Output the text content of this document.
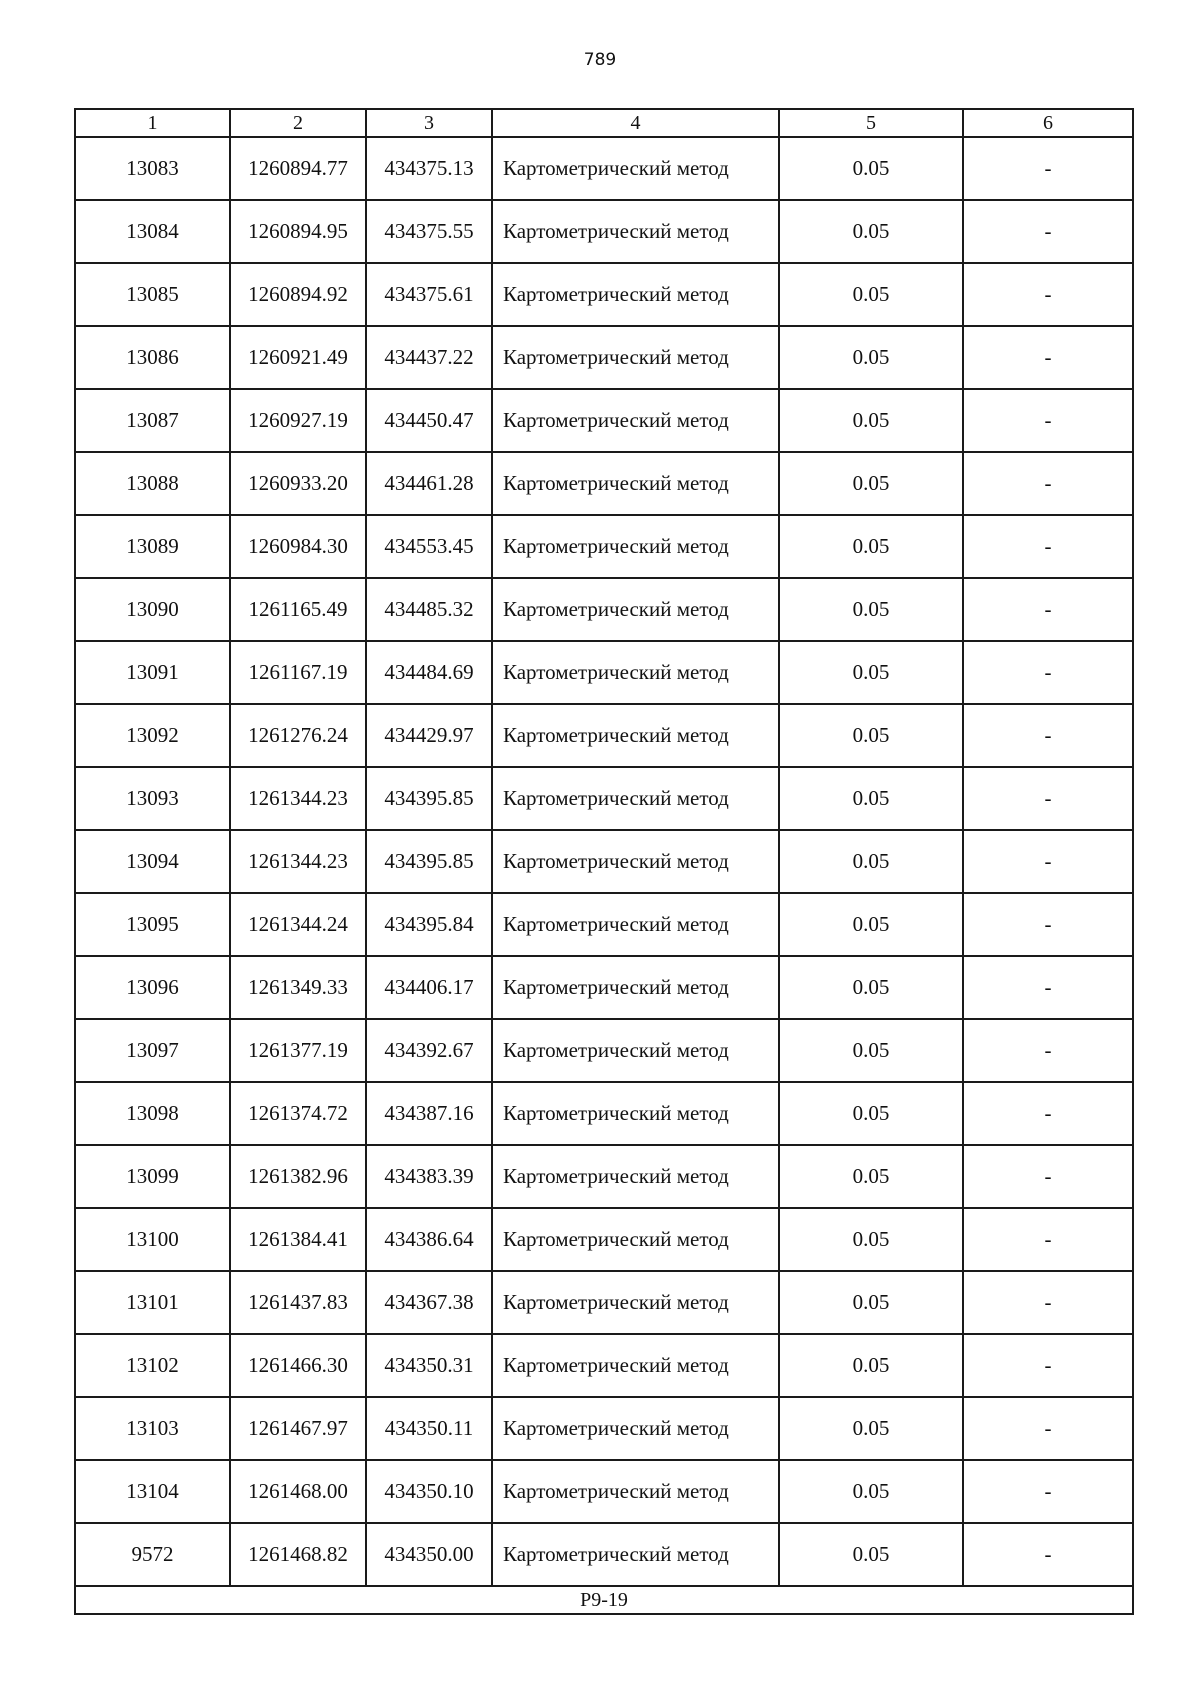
789
1	2	3	4	5	6
13083	1260894.77	434375.13	Картометрический метод	0.05	-
13084	1260894.95	434375.55	Картометрический метод	0.05	-
13085	1260894.92	434375.61	Картометрический метод	0.05	-
13086	1260921.49	434437.22	Картометрический метод	0.05	-
13087	1260927.19	434450.47	Картометрический метод	0.05	-
13088	1260933.20	434461.28	Картометрический метод	0.05	-
13089	1260984.30	434553.45	Картометрический метод	0.05	-
13090	1261165.49	434485.32	Картометрический метод	0.05	-
13091	1261167.19	434484.69	Картометрический метод	0.05	-
13092	1261276.24	434429.97	Картометрический метод	0.05	-
13093	1261344.23	434395.85	Картометрический метод	0.05	-
13094	1261344.23	434395.85	Картометрический метод	0.05	-
13095	1261344.24	434395.84	Картометрический метод	0.05	-
13096	1261349.33	434406.17	Картометрический метод	0.05	-
13097	1261377.19	434392.67	Картометрический метод	0.05	-
13098	1261374.72	434387.16	Картометрический метод	0.05	-
13099	1261382.96	434383.39	Картометрический метод	0.05	-
13100	1261384.41	434386.64	Картометрический метод	0.05	-
13101	1261437.83	434367.38	Картометрический метод	0.05	-
13102	1261466.30	434350.31	Картометрический метод	0.05	-
13103	1261467.97	434350.11	Картометрический метод	0.05	-
13104	1261468.00	434350.10	Картометрический метод	0.05	-
9572	1261468.82	434350.00	Картометрический метод	0.05	-
Р9-19					
